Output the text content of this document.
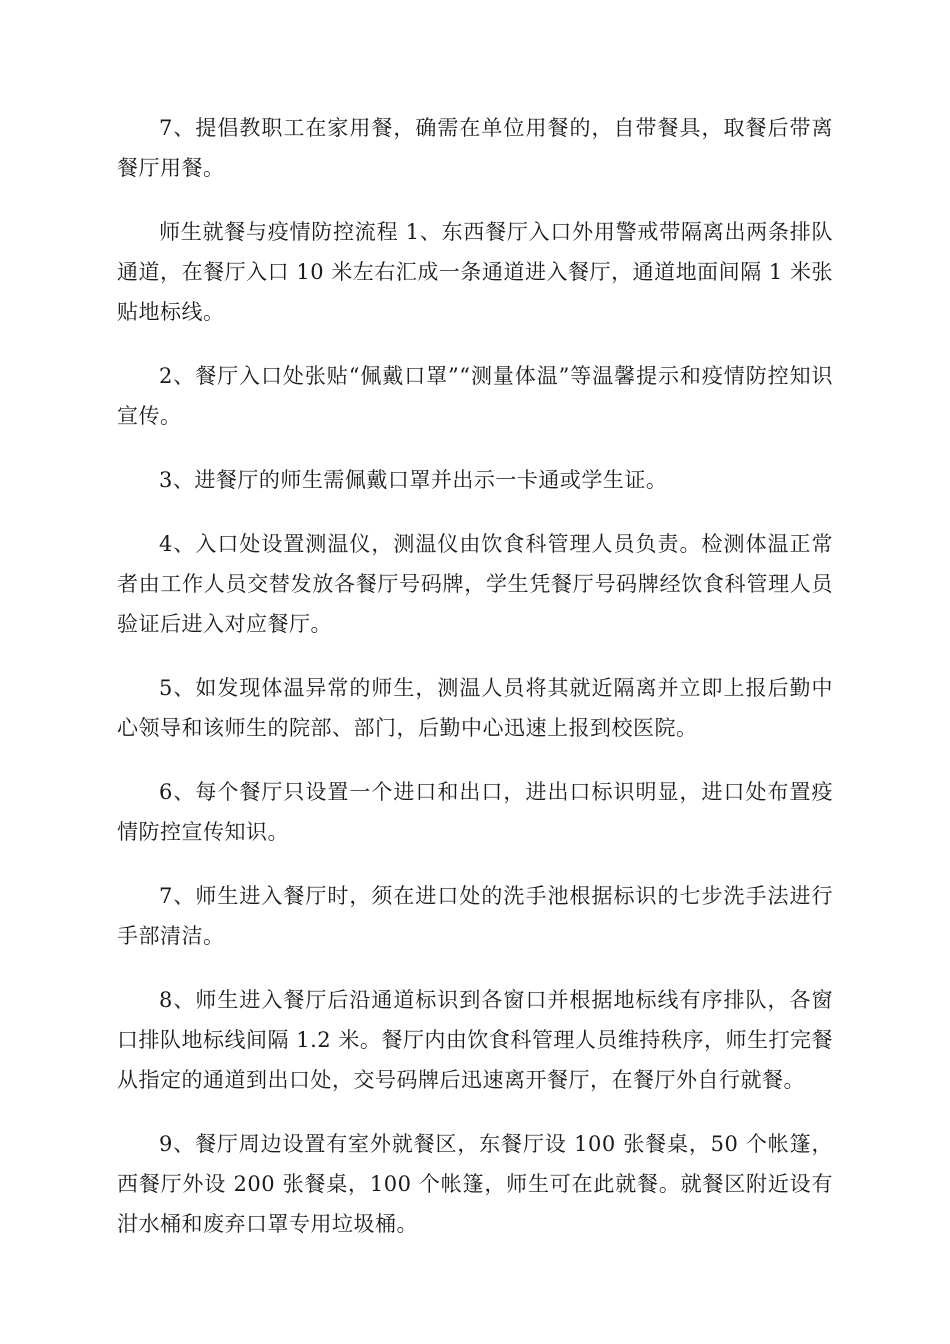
7、提倡教职工在家用餐，确需在单位用餐的，自带餐具，取餐后带离餐厅用餐。

师生就餐与疫情防控流程 1、东西餐厅入口外用警戒带隔离出两条排队通道，在餐厅入口 10 米左右汇成一条通道进入餐厅，通道地面间隔 1 米张贴地标线。

2、餐厅入口处张贴“佩戴口罩”“测量体温”等温馨提示和疫情防控知识宣传。

3、进餐厅的师生需佩戴口罩并出示一卡通或学生证。

4、入口处设置测温仪，测温仪由饮食科管理人员负责。检测体温正常者由工作人员交替发放各餐厅号码牌，学生凭餐厅号码牌经饮食科管理人员验证后进入对应餐厅。

5、如发现体温异常的师生，测温人员将其就近隔离并立即上报后勤中心领导和该师生的院部、部门，后勤中心迅速上报到校医院。

6、每个餐厅只设置一个进口和出口，进出口标识明显，进口处布置疫情防控宣传知识。

7、师生进入餐厅时，须在进口处的洗手池根据标识的七步洗手法进行手部清洁。

8、师生进入餐厅后沿通道标识到各窗口并根据地标线有序排队，各窗口排队地标线间隔 1.2 米。餐厅内由饮食科管理人员维持秩序，师生打完餐从指定的通道到出口处，交号码牌后迅速离开餐厅，在餐厅外自行就餐。

9、餐厅周边设置有室外就餐区，东餐厅设 100 张餐桌，50 个帐篷，西餐厅外设 200 张餐桌，100 个帐篷，师生可在此就餐。就餐区附近设有泔水桶和废弃口罩专用垃圾桶。
